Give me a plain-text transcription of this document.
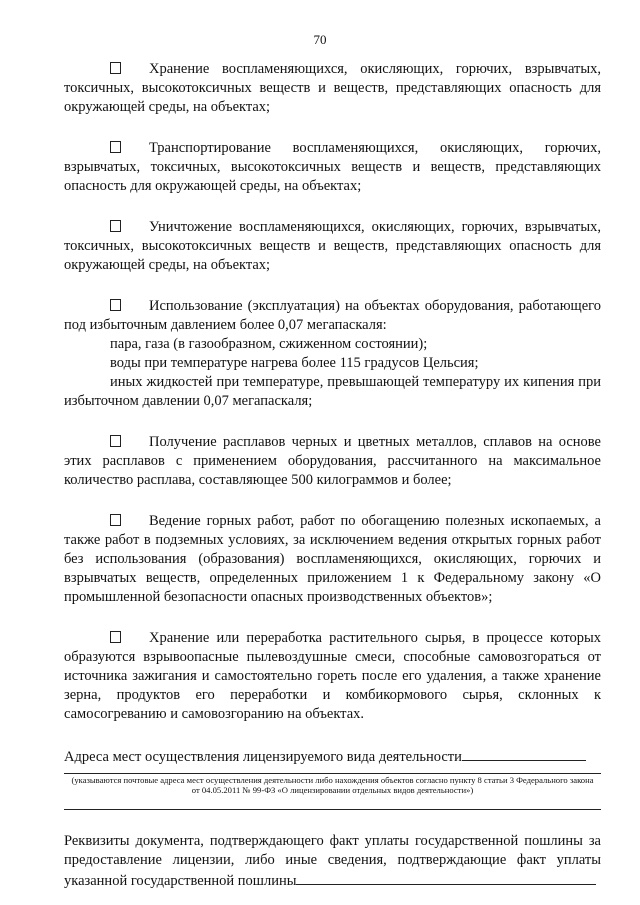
70

Хранение воспламеняющихся, окисляющих, горючих, взрывчатых, токсичных, высокотоксичных веществ и веществ, представляющих опасность для окружающей среды, на объектах;

Транспортирование воспламеняющихся, окисляющих, горючих, взрывчатых, токсичных, высокотоксичных веществ и веществ, представляющих опасность для окружающей среды, на объектах;

Уничтожение воспламеняющихся, окисляющих, горючих, взрывчатых, токсичных, высокотоксичных веществ и веществ, представляющих опасность для окружающей среды, на объектах;

Использование (эксплуатация) на объектах оборудования, работающего под избыточным давлением более 0,07 мегапаскаля:

пара, газа (в газообразном, сжиженном состоянии);

воды при температуре нагрева более 115 градусов Цельсия;

иных жидкостей при температуре, превышающей температуру их кипения при избыточном давлении 0,07 мегапаскаля;

Получение расплавов черных и цветных металлов, сплавов на основе этих расплавов с применением оборудования, рассчитанного на максимальное количество расплава, составляющее 500 килограммов и более;

Ведение горных работ, работ по обогащению полезных ископаемых, а также работ в подземных условиях, за исключением ведения открытых горных работ без использования (образования) воспламеняющихся, окисляющих, горючих и взрывчатых веществ, определенных приложением 1 к Федеральному закону «О промышленной безопасности опасных производственных объектов»;

Хранение или переработка растительного сырья, в процессе которых образуются взрывоопасные пылевоздушные смеси, способные самовозгораться от источника зажигания и самостоятельно гореть после его удаления, а также хранение зерна, продуктов его переработки и комбикормового сырья, склонных к самосогреванию и самовозгоранию на объектах.

Адреса мест осуществления лицензируемого вида деятельности
(указываются почтовые адреса мест осуществления деятельности либо нахождения объектов согласно пункту 8 статьи 3 Федерального закона от 04.05.2011 № 99-ФЗ «О лицензировании отдельных видов деятельности»)
Реквизиты документа, подтверждающего факт уплаты государственной пошлины за предоставление лицензии, либо иные сведения, подтверждающие факт уплаты указанной государственной пошлины
